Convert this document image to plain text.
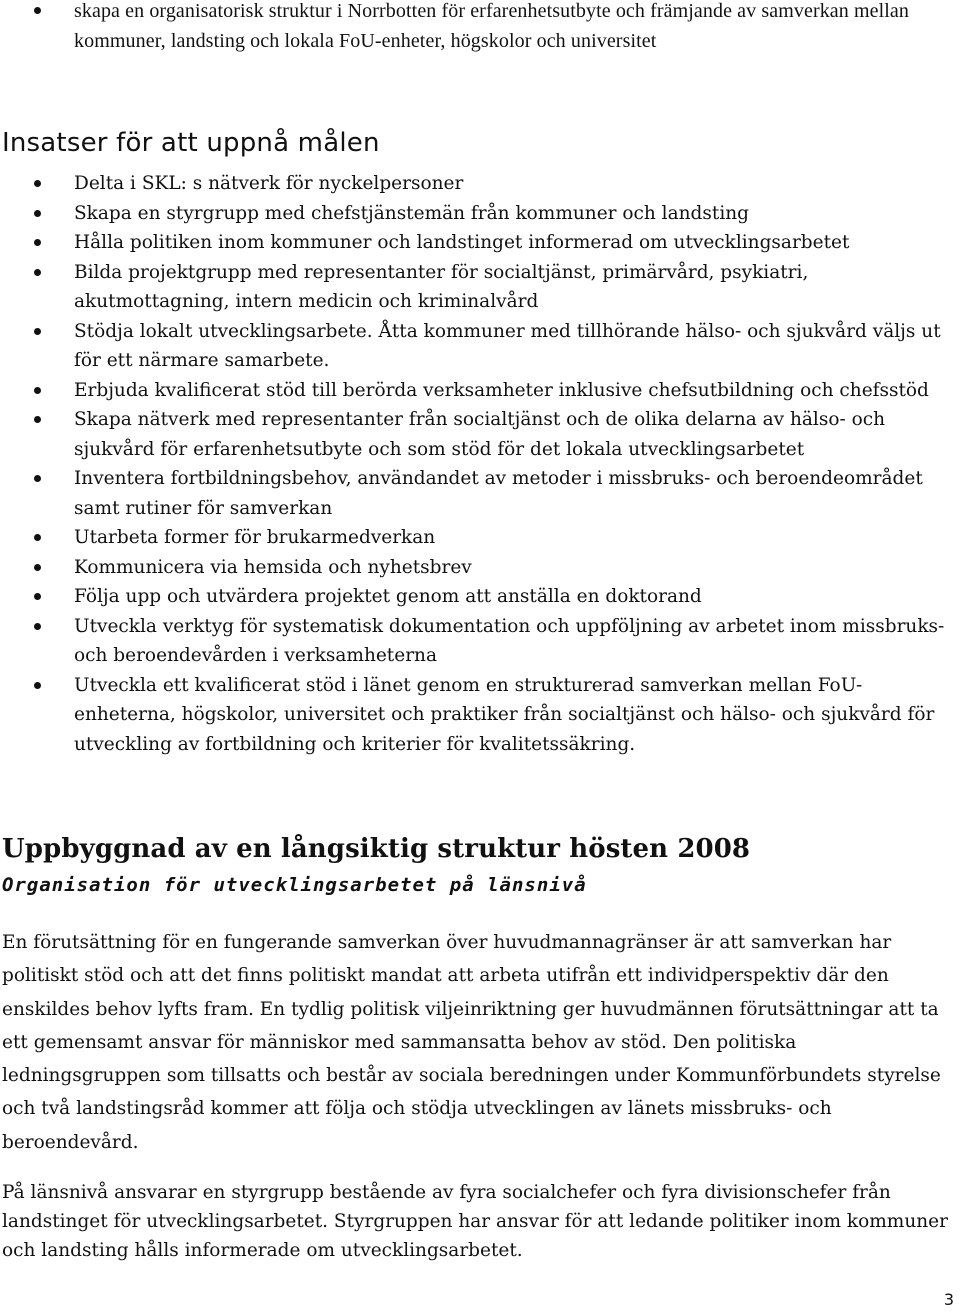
skapa en organisatorisk struktur i Norrbotten för erfarenhetsutbyte och främjande av samverkan mellan kommuner, landsting och lokala FoU-enheter, högskolor och universitet
Insatser för att uppnå målen
Delta i SKL: s nätverk för nyckelpersoner
Skapa en styrgrupp med chefstjänstemän från kommuner och landsting
Hålla politiken inom kommuner och landstinget informerad om utvecklingsarbetet
Bilda projektgrupp med representanter för socialtjänst, primärvård, psykiatri, akutmottagning, intern medicin och kriminalvård
Stödja lokalt utvecklingsarbete. Åtta kommuner med tillhörande hälso- och sjukvård väljs ut för ett närmare samarbete.
Erbjuda kvalificerat stöd till berörda verksamheter inklusive chefsutbildning och chefsstöd
Skapa nätverk med representanter från socialtjänst och de olika delarna av hälso- och sjukvård för erfarenhetsutbyte och som stöd för det lokala utvecklingsarbetet
Inventera fortbildningsbehov, användandet av metoder i missbruks- och beroendeområdet samt rutiner för samverkan
Utarbeta former för brukarmedverkan
Kommunicera via hemsida och nyhetsbrev
Följa upp och utvärdera projektet genom att anställa en doktorand
Utveckla verktyg för systematisk dokumentation och uppföljning av arbetet inom missbruks- och beroendevården i verksamheterna
Utveckla ett kvalificerat stöd i länet genom en strukturerad samverkan mellan FoU-enheterna, högskolor, universitet och praktiker från socialtjänst och hälso- och sjukvård för utveckling av fortbildning och kriterier för kvalitetssäkring.
Uppbyggnad av en långsiktig struktur hösten 2008
Organisation för utvecklingsarbetet på länsnivå

En förutsättning för en fungerande samverkan över huvudmannagränser är att samverkan har politiskt stöd och att det finns politiskt mandat att arbeta utifrån ett individperspektiv där den enskildes behov lyfts fram. En tydlig politisk viljeinriktning ger huvudmännen förutsättningar att ta ett gemensamt ansvar för människor med sammansatta behov av stöd. Den politiska ledningsgruppen som tillsatts och består av sociala beredningen under Kommunförbundets styrelse och två landstingsråd kommer att följa och stödja utvecklingen av länets missbruks- och beroendevård.

På länsnivå ansvarar en styrgrupp bestående av fyra socialchefer och fyra divisionschefer från landstinget för utvecklingsarbetet. Styrgruppen har ansvar för att ledande politiker inom kommuner och landsting hålls informerade om utvecklingsarbetet.

3
